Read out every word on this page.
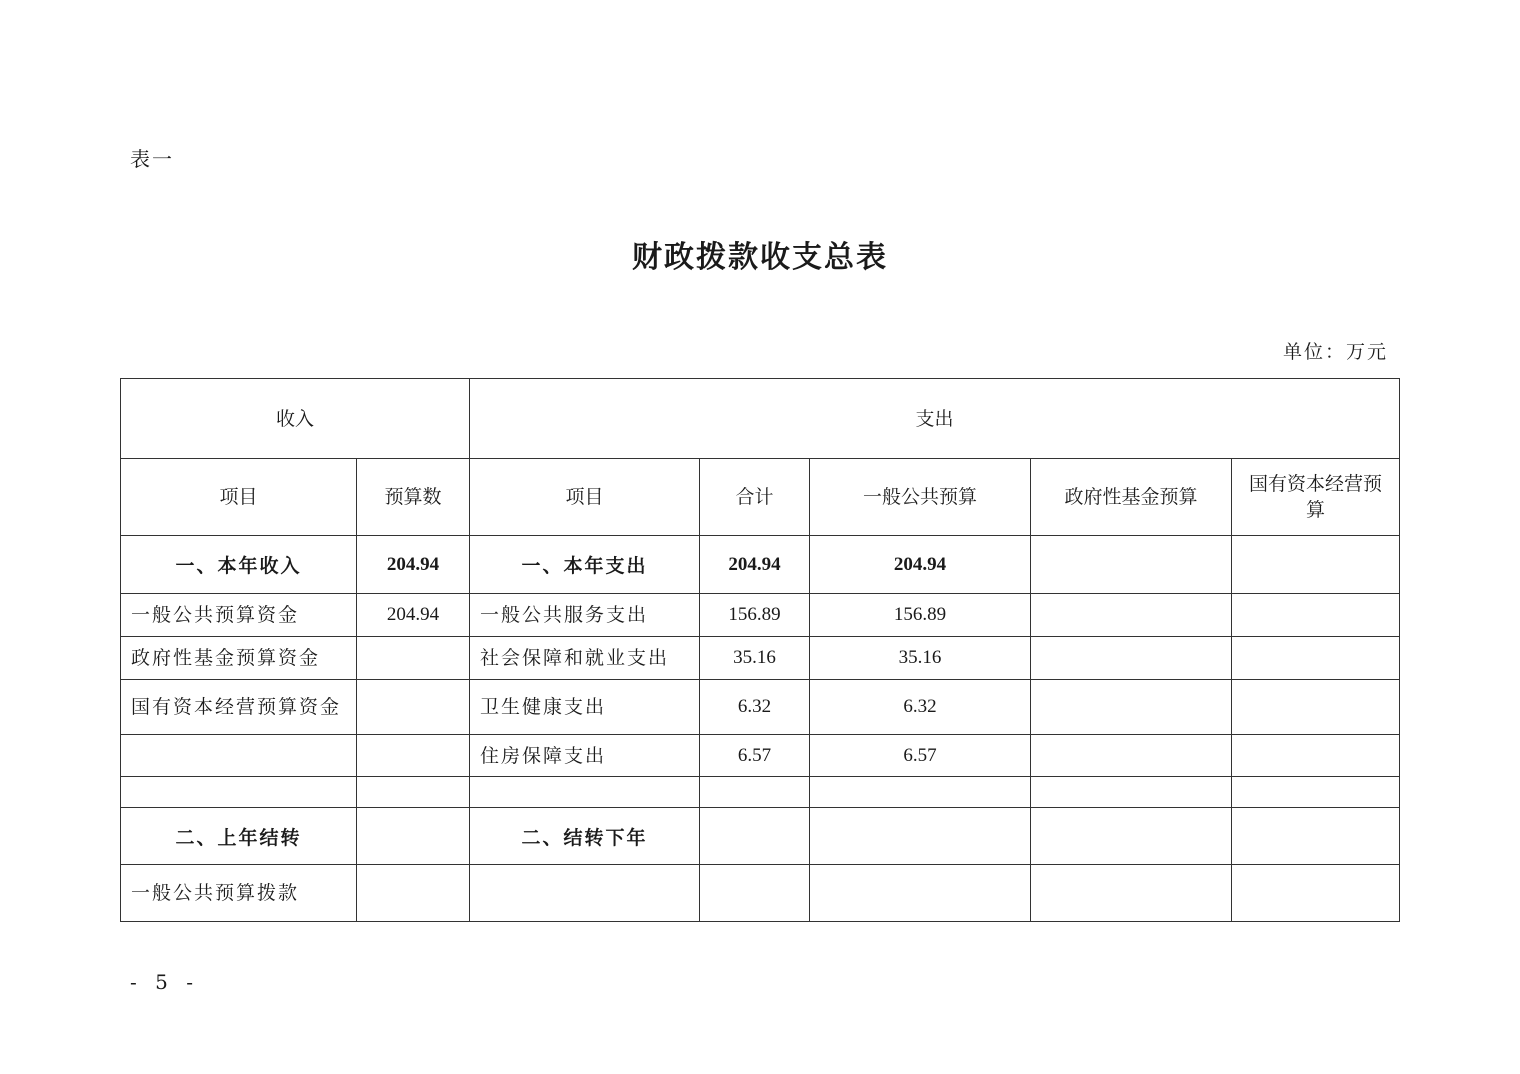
表一
财政拨款收支总表
单位：万元
收入		支出				
项目	预算数	项目	合计	一般公共预算	政府性基金预算	国有资本经营预算
一、本年收入	204.94	一、本年支出	204.94	204.94		
一般公共预算资金	204.94	一般公共服务支出	156.89	156.89		
政府性基金预算资金		社会保障和就业支出	35.16	35.16		
国有资本经营预算资金		卫生健康支出	6.32	6.32		
		住房保障支出	6.57	6.57		

二、上年结转		二、结转下年				
一般公共预算拨款						
- 5 -
